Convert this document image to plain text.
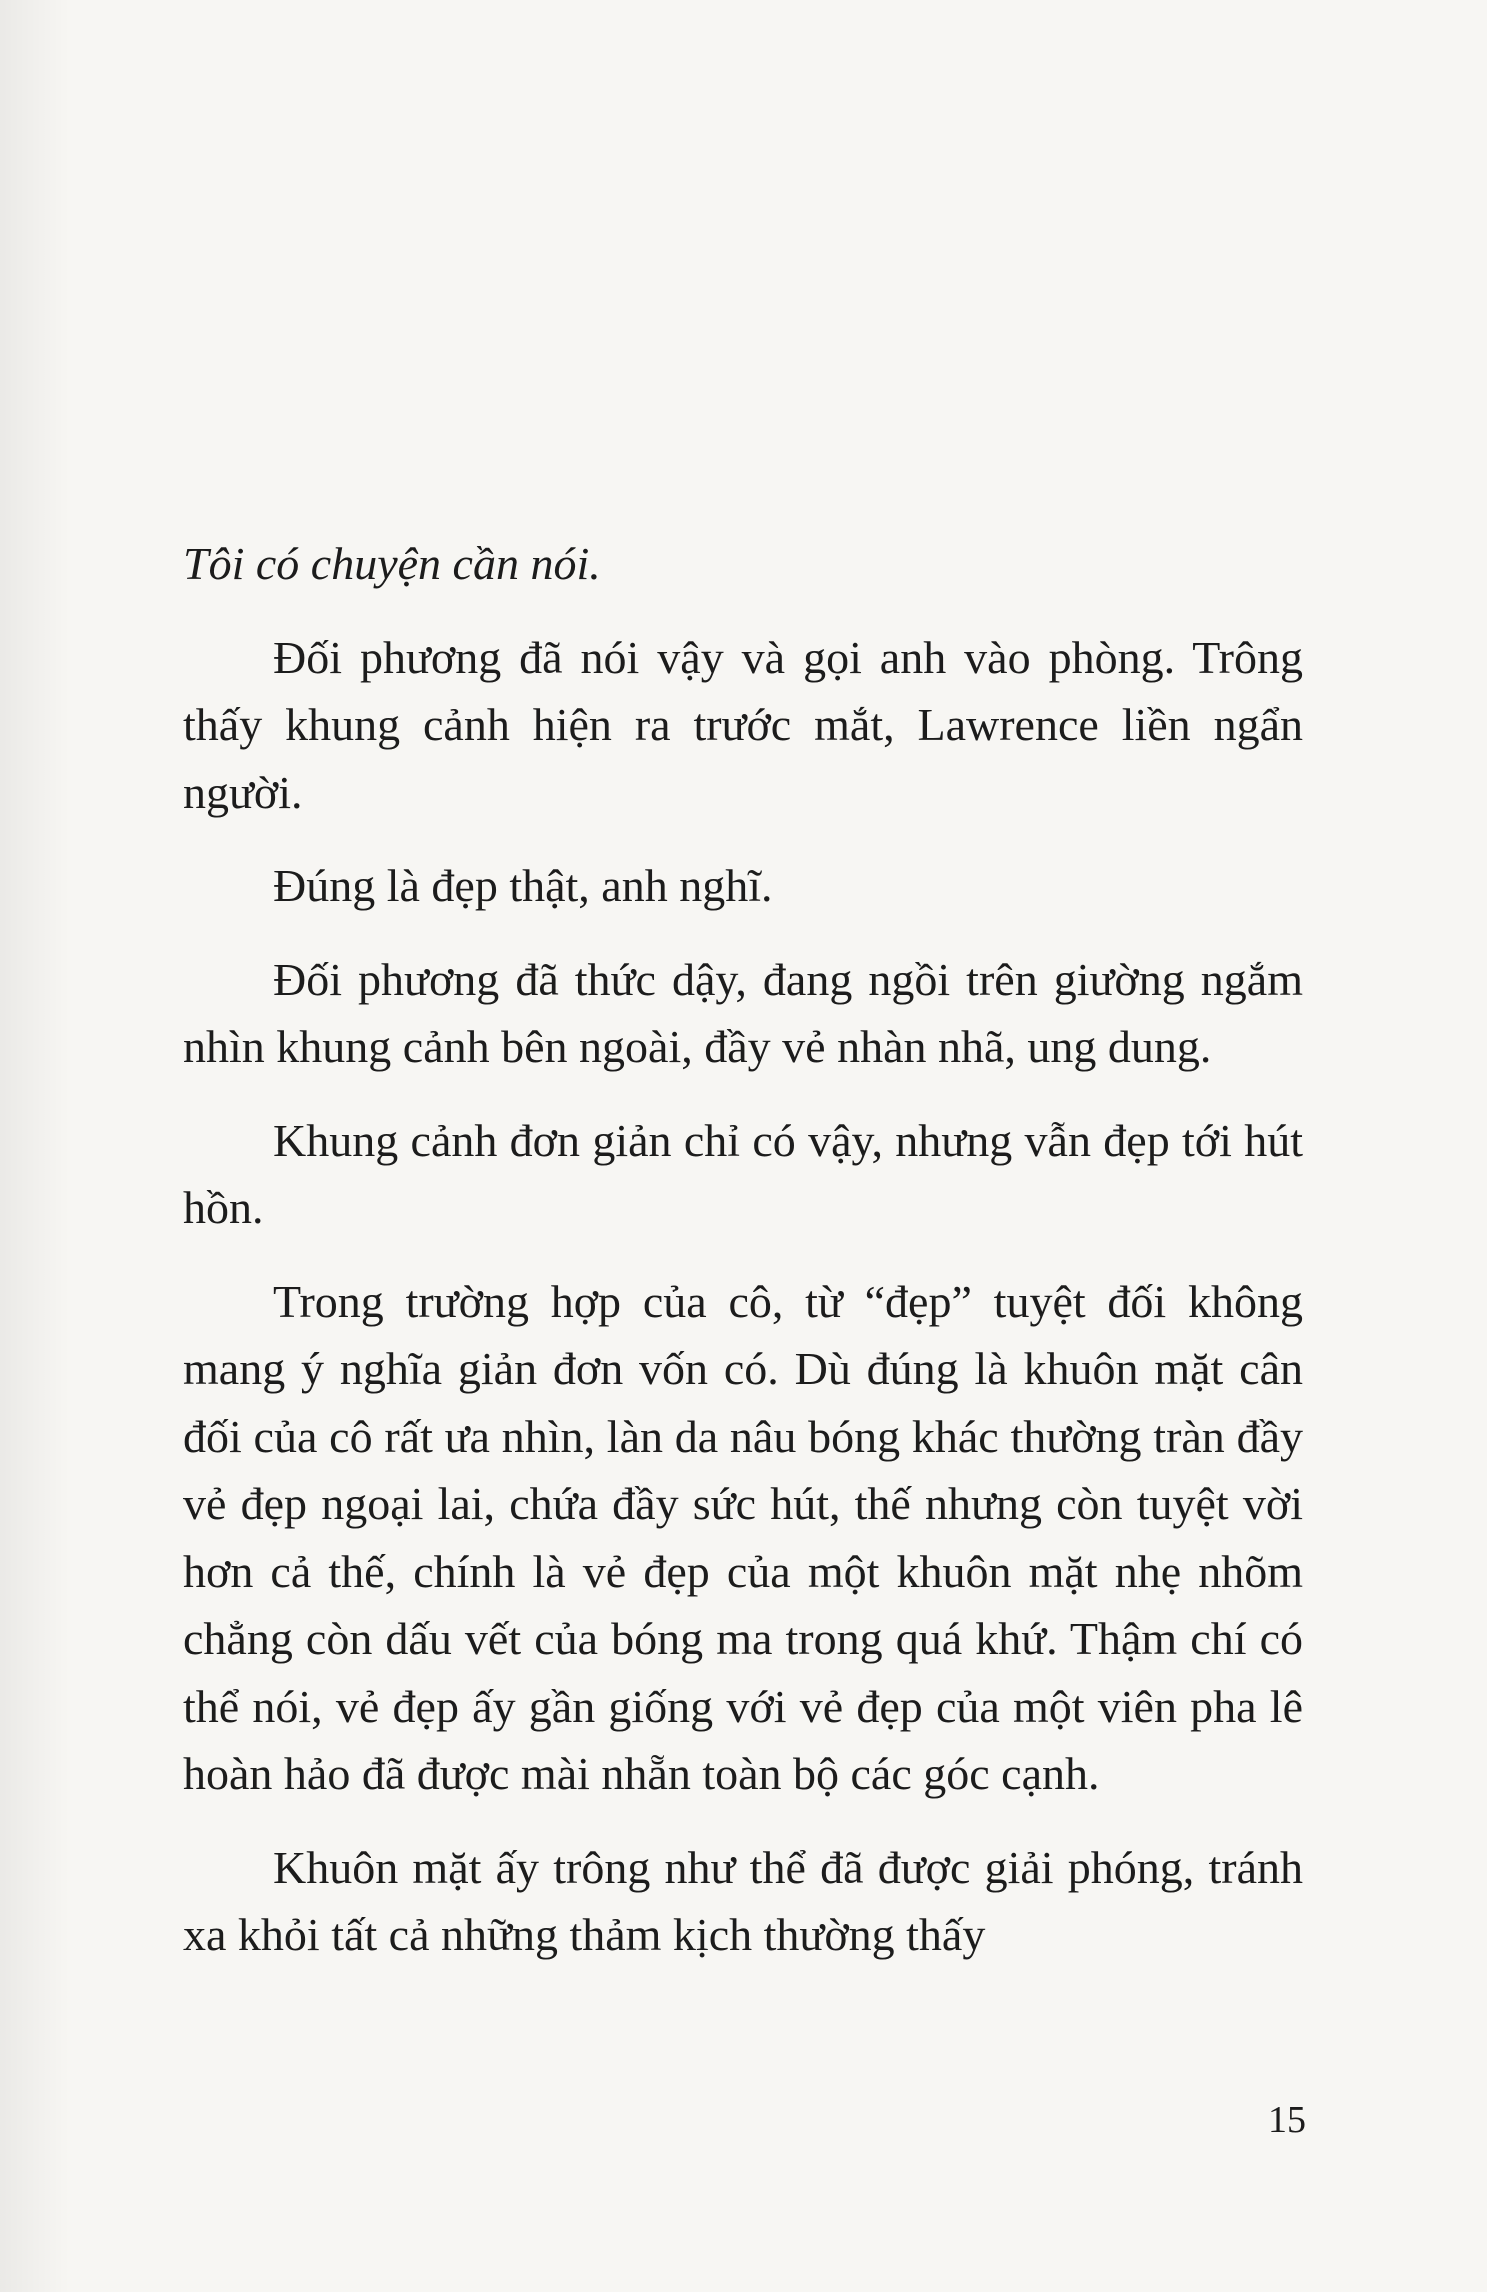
Tôi có chuyện cần nói.

Đối phương đã nói vậy và gọi anh vào phòng. Trông thấy khung cảnh hiện ra trước mắt, Lawrence liền ngẩn người.

Đúng là đẹp thật, anh nghĩ.

Đối phương đã thức dậy, đang ngồi trên giường ngắm nhìn khung cảnh bên ngoài, đầy vẻ nhàn nhã, ung dung.

Khung cảnh đơn giản chỉ có vậy, nhưng vẫn đẹp tới hút hồn.

Trong trường hợp của cô, từ “đẹp” tuyệt đối không mang ý nghĩa giản đơn vốn có. Dù đúng là khuôn mặt cân đối của cô rất ưa nhìn, làn da nâu bóng khác thường tràn đầy vẻ đẹp ngoại lai, chứa đầy sức hút, thế nhưng còn tuyệt vời hơn cả thế, chính là vẻ đẹp của một khuôn mặt nhẹ nhõm chẳng còn dấu vết của bóng ma trong quá khứ. Thậm chí có thể nói, vẻ đẹp ấy gần giống với vẻ đẹp của một viên pha lê hoàn hảo đã được mài nhẵn toàn bộ các góc cạnh.

Khuôn mặt ấy trông như thể đã được giải phóng, tránh xa khỏi tất cả những thảm kịch thường thấy

15
